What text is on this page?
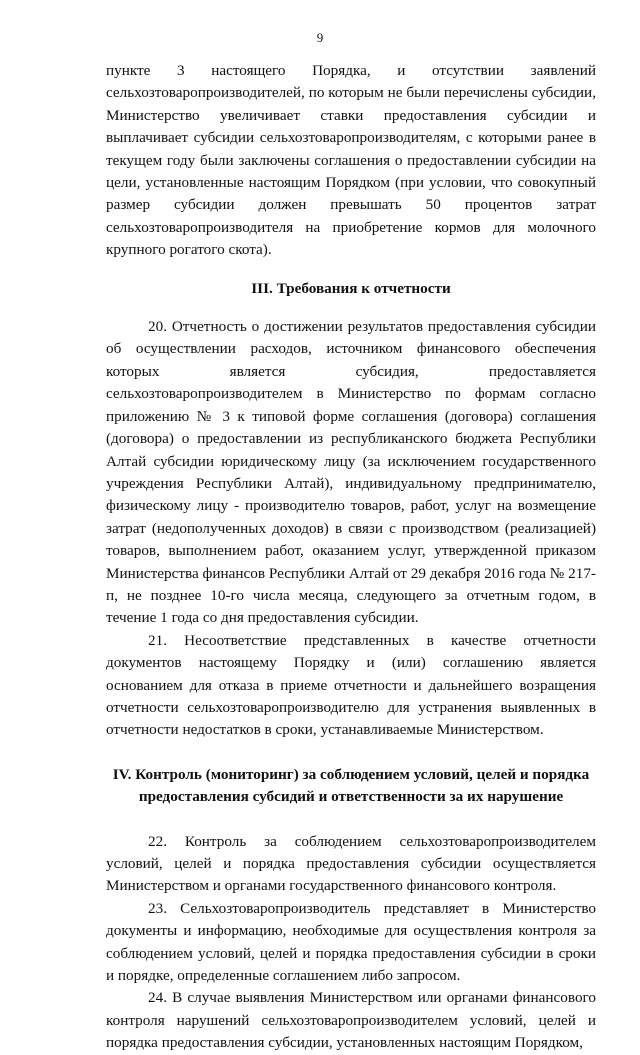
9

пункте 3 настоящего Порядка, и отсутствии заявлений сельхозтоваропроизводителей, по которым не были перечислены субсидии, Министерство увеличивает ставки предоставления субсидии и выплачивает субсидии сельхозтоваропроизводителям, с которыми ранее в текущем году были заключены соглашения о предоставлении субсидии на цели, установленные настоящим Порядком (при условии, что совокупный размер субсидии должен превышать 50 процентов затрат сельхозтоваропроизводителя на приобретение кормов для молочного крупного рогатого скота).

III. Требования к отчетности

20. Отчетность о достижении результатов предоставления субсидии об осуществлении расходов, источником финансового обеспечения которых является субсидия, предоставляется сельхозтоваропроизводителем в Министерство по формам согласно приложению № 3 к типовой форме соглашения (договора) соглашения (договора) о предоставлении из республиканского бюджета Республики Алтай субсидии юридическому лицу (за исключением государственного учреждения Республики Алтай), индивидуальному предпринимателю, физическому лицу - производителю товаров, работ, услуг на возмещение затрат (недополученных доходов) в связи с производством (реализацией) товаров, выполнением работ, оказанием услуг, утвержденной приказом Министерства финансов Республики Алтай от 29 декабря 2016 года № 217-п, не позднее 10-го числа месяца, следующего за отчетным годом, в течение 1 года со дня предоставления субсидии.

21. Несоответствие представленных в качестве отчетности документов настоящему Порядку и (или) соглашению является основанием для отказа в приеме отчетности и дальнейшего возращения отчетности сельхозтоваропроизводителю для устранения выявленных в отчетности недостатков в сроки, устанавливаемые Министерством.

IV. Контроль (мониторинг) за соблюдением условий, целей и порядка
предоставления субсидий и ответственности за их нарушение

22. Контроль за соблюдением сельхозтоваропроизводителем условий, целей и порядка предоставления субсидии осуществляется Министерством и органами государственного финансового контроля.

23. Сельхозтоваропроизводитель представляет в Министерство документы и информацию, необходимые для осуществления контроля за соблюдением условий, целей и порядка предоставления субсидии в сроки и порядке, определенные соглашением либо запросом.

24. В случае выявления Министерством или органами финансового контроля нарушений сельхозтоваропроизводителем условий, целей и порядка предоставления субсидии, установленных настоящим Порядком,
